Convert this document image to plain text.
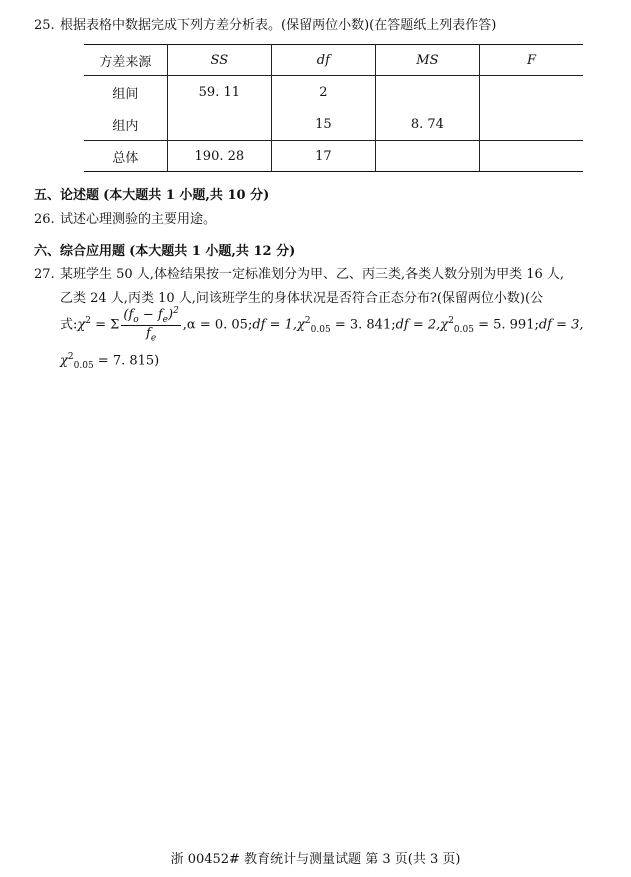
25. 根据表格中数据完成下列方差分析表。(保留两位小数)(在答题纸上列表作答)
方差来源	SS	df	MS	F
组间	59. 11	2		
组内		15	8. 74	
总体	190. 28	17		
五、论述题 (本大题共 1 小题,共 10 分)
26. 试述心理测验的主要用途。
六、综合应用题 (本大题共 1 小题,共 12 分)
27. 某班学生 50 人,体检结果按一定标准划分为甲、乙、丙三类,各类人数分别为甲类 16 人,
乙类 24 人,丙类 10 人,问该班学生的身体状况是否符合正态分布?(保留两位小数)(公
式$:\chi^2 = \Sigma \frac{(f_o - f_e)^2}{f_e} ,\alpha = 0$. 05;df = $1,\chi^2_{0.05} = 3$. 841;df = $2,\chi^2_{0.05} = 5$. 991;df = 3,
$\chi^2_{0.05} = 7$. 815)
浙 00452# 教育统计与测量试题 第 3 页(共 3 页)
